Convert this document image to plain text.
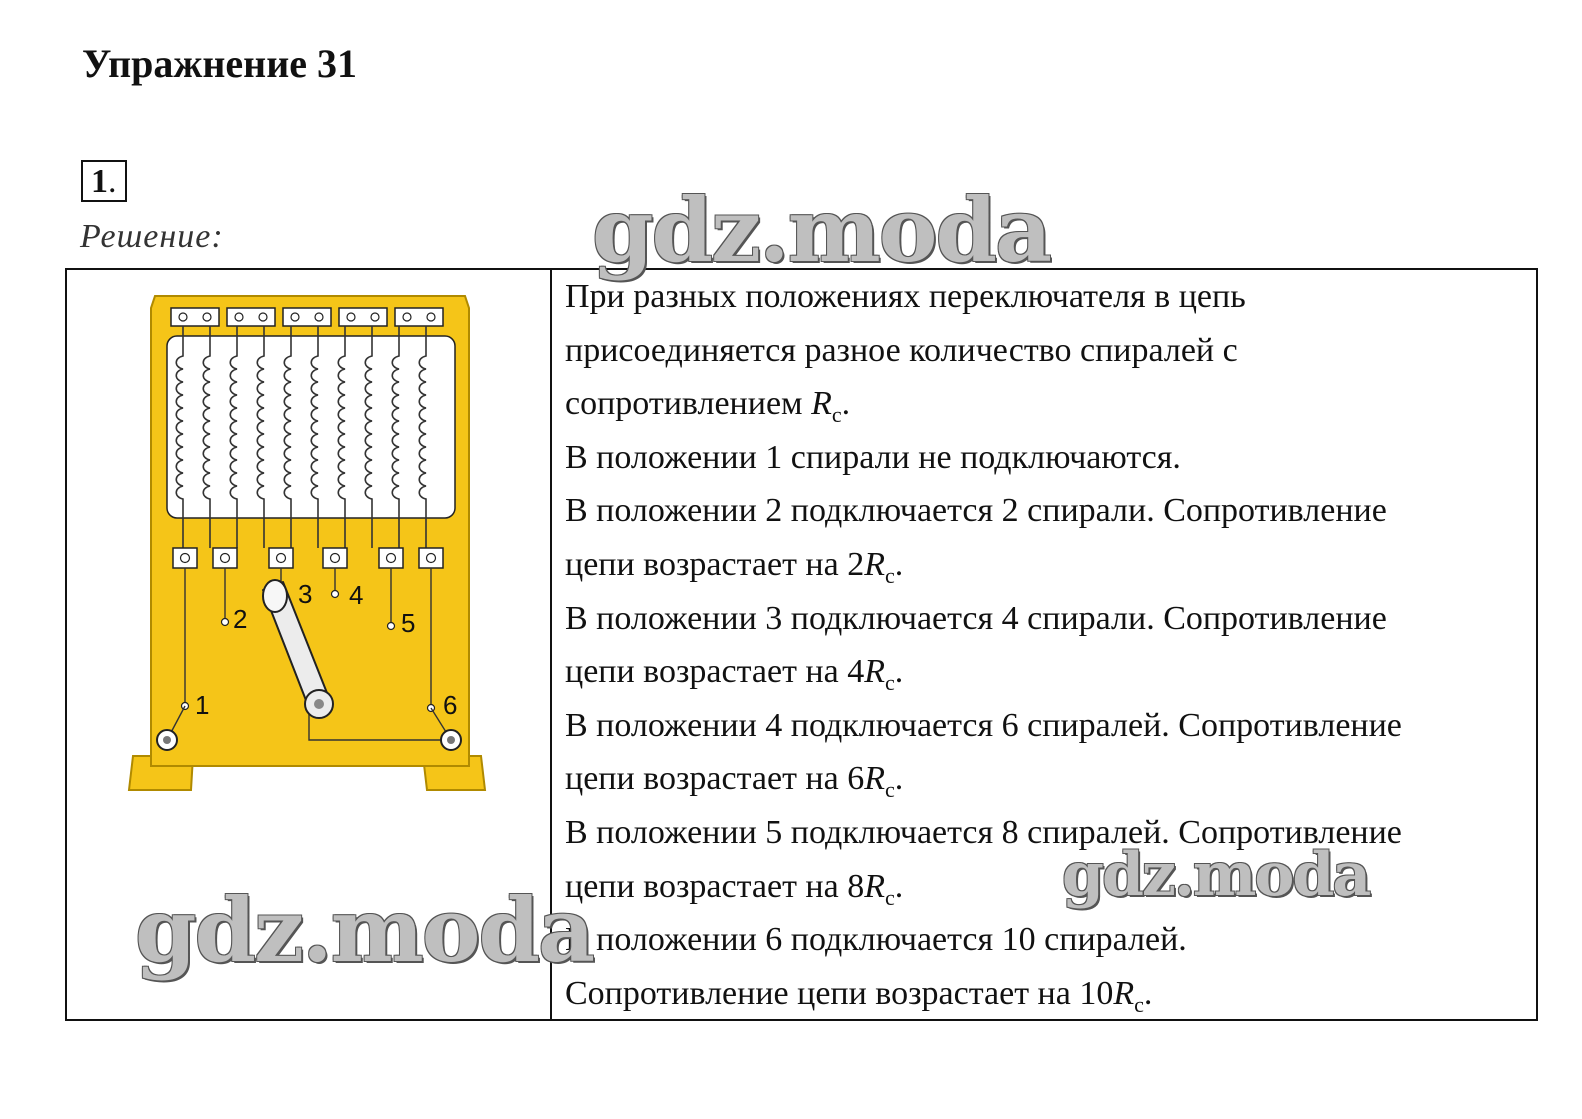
Упражнение 31
1.
Решение:
1
2
3 4
5
6
При разных положениях переключателя в цепь
присоединяется разное количество спиралей с
сопротивлением $R_c$.
В положении 1 спирали не подключаются.
В положении 2 подключается 2 спирали. Сопротивление
цепи возрастает на $2R_c$.
В положении 3 подключается 4 спирали. Сопротивление
цепи возрастает на $4R_c$.
В положении 4 подключается 6 спиралей. Сопротивление
цепи возрастает на $6R_c$.
В положении 5 подключается 8 спиралей. Сопротивление
цепи возрастает на $8R_c$.
В положении 6 подключается 10 спиралей.
Сопротивление цепи возрастает на $10R_c$.
gdz.moda
gdz.moda
gdz.moda
